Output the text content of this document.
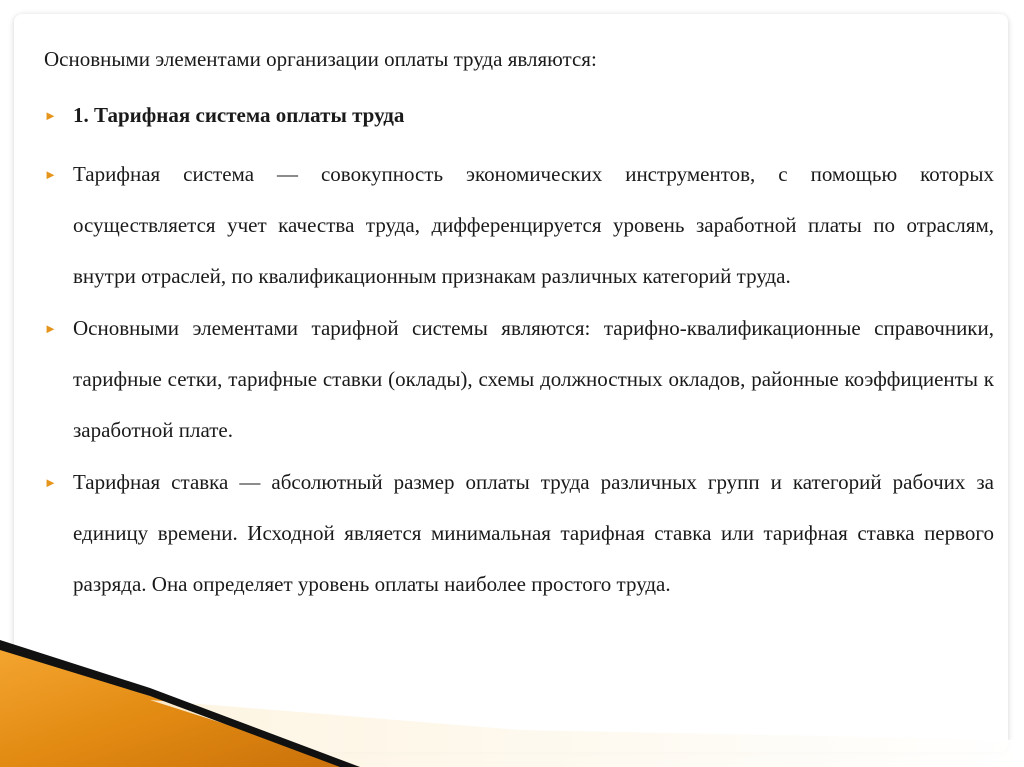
Основными элементами организации оплаты труда являются:
► 1. Тарифная система оплаты труда
► Тарифная система — совокупность экономических инструментов, с помощью которых осуществляется учет качества труда, дифференцируется уровень заработной платы по отраслям, внутри отраслей, по квалификационным признакам различных категорий труда.
► Основными элементами тарифной системы являются: тарифно-квалификационные справочники, тарифные сетки, тарифные ставки (оклады), схемы должностных окладов, районные коэффициенты к заработной плате.
► Тарифная ставка — абсолютный размер оплаты труда различных групп и категорий рабочих за единицу времени. Исходной является минимальная тарифная ставка или тарифная ставка первого разряда. Она определяет уровень оплаты наиболее простого труда.
